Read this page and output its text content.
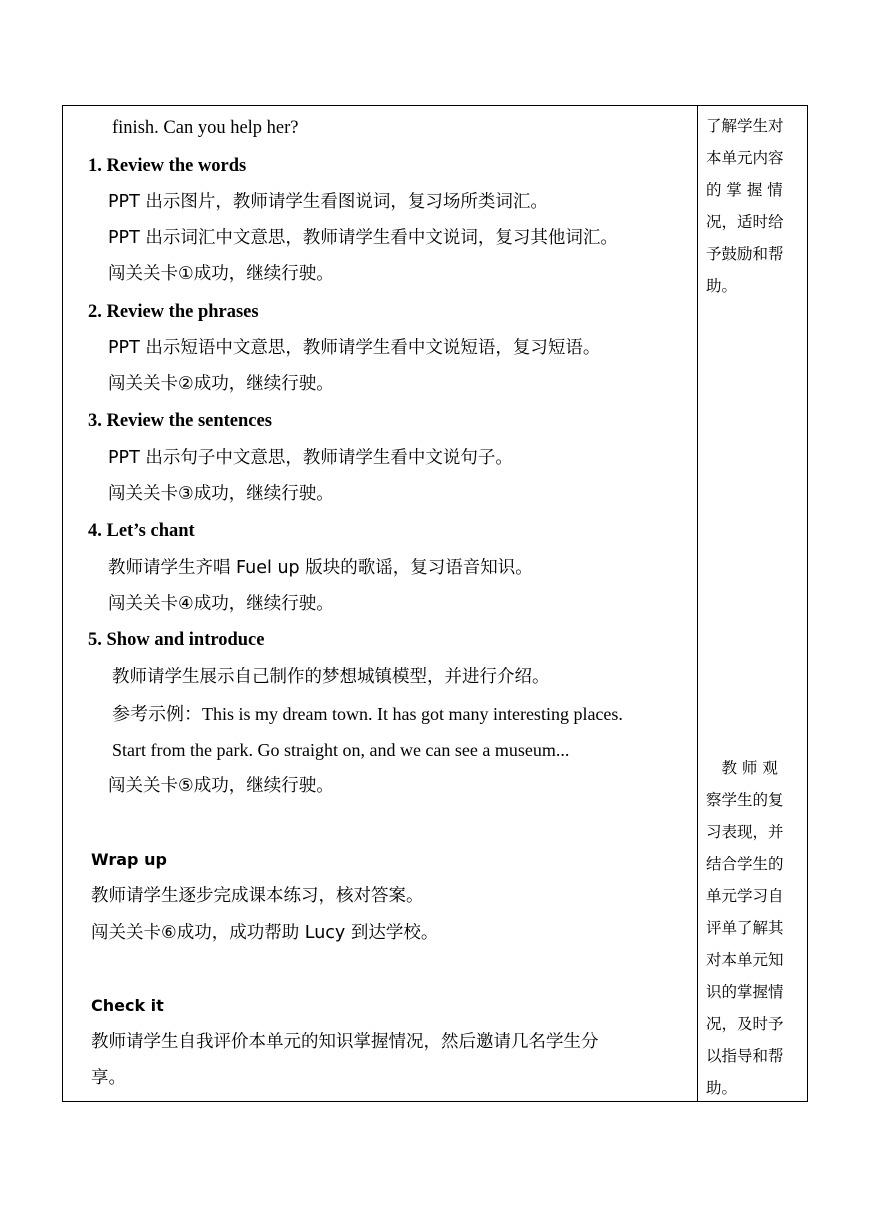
finish. Can you help her?
1. Review the words
PPT 出示图片，教师请学生看图说词，复习场所类词汇。
PPT 出示词汇中文意思，教师请学生看中文说词，复习其他词汇。
闯关关卡①成功，继续行驶。
2. Review the phrases
PPT 出示短语中文意思，教师请学生看中文说短语，复习短语。
闯关关卡②成功，继续行驶。
3. Review the sentences
PPT 出示句子中文意思，教师请学生看中文说句子。
闯关关卡③成功，继续行驶。
4. Let’s chant
教师请学生齐唱 Fuel up 版块的歌谣，复习语音知识。
闯关关卡④成功，继续行驶。
5. Show and introduce
教师请学生展示自己制作的梦想城镇模型，并进行介绍。
参考示例：This is my dream town. It has got many interesting places.
Start from the park. Go straight on, and we can see a museum...
闯关关卡⑤成功，继续行驶。
Wrap up
教师请学生逐步完成课本练习，核对答案。
闯关关卡⑥成功，成功帮助 Lucy 到达学校。
Check it
教师请学生自我评价本单元的知识掌握情况，然后邀请几名学生分
享。
了解学生对
本单元内容
的 掌 握 情
况，适时给
予鼓励和帮
助。
　教 师 观
察学生的复
习表现，并
结合学生的
单元学习自
评单了解其
对本单元知
识的掌握情
况，及时予
以指导和帮
助。
